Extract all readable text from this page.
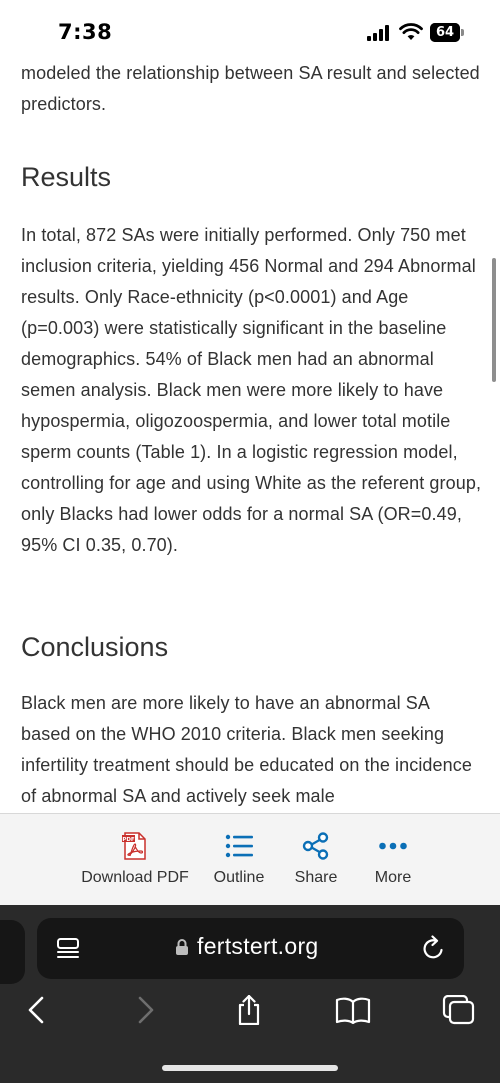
7:38	64

modeled the relationship between SA result and selected predictors.

Results

In total, 872 SAs were initially performed. Only 750 met inclusion criteria, yielding 456 Normal and 294 Abnormal results. Only Race-ethnicity (p<0.0001) and Age (p=0.003) were statistically significant in the baseline demographics. 54% of Black men had an abnormal semen analysis. Black men were more likely to have hypospermia, oligozoospermia, and lower total motile sperm counts (Table 1). In a logistic regression model, controlling for age and using White as the referent group, only Blacks had lower odds for a normal SA (OR=0.49, 95% CI 0.35, 0.70).

Conclusions

Black men are more likely to have an abnormal SA based on the WHO 2010 criteria. Black men seeking infertility treatment should be educated on the incidence of abnormal SA and actively seek male

PDF
Download PDF	Outline	Share	More
fertstert.org
